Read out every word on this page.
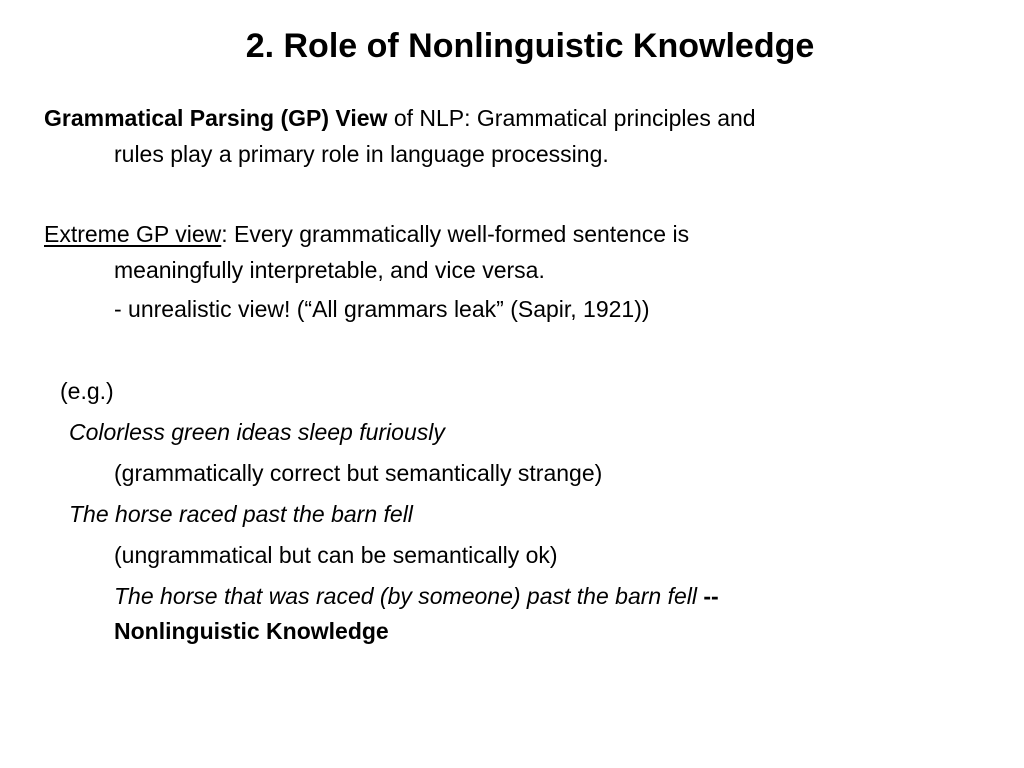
2. Role of Nonlinguistic Knowledge
Grammatical Parsing (GP) View of NLP: Grammatical principles and
rules play a primary role in language processing.
Extreme GP view: Every grammatically well-formed sentence is
meaningfully interpretable, and vice versa.
- unrealistic view! (“All grammars leak” (Sapir, 1921))
(e.g.)
Colorless green ideas sleep furiously
(grammatically correct but semantically strange)
The horse raced past the barn fell
(ungrammatical but can be semantically ok)
The horse that was raced (by someone) past the barn fell --
Nonlinguistic Knowledge
